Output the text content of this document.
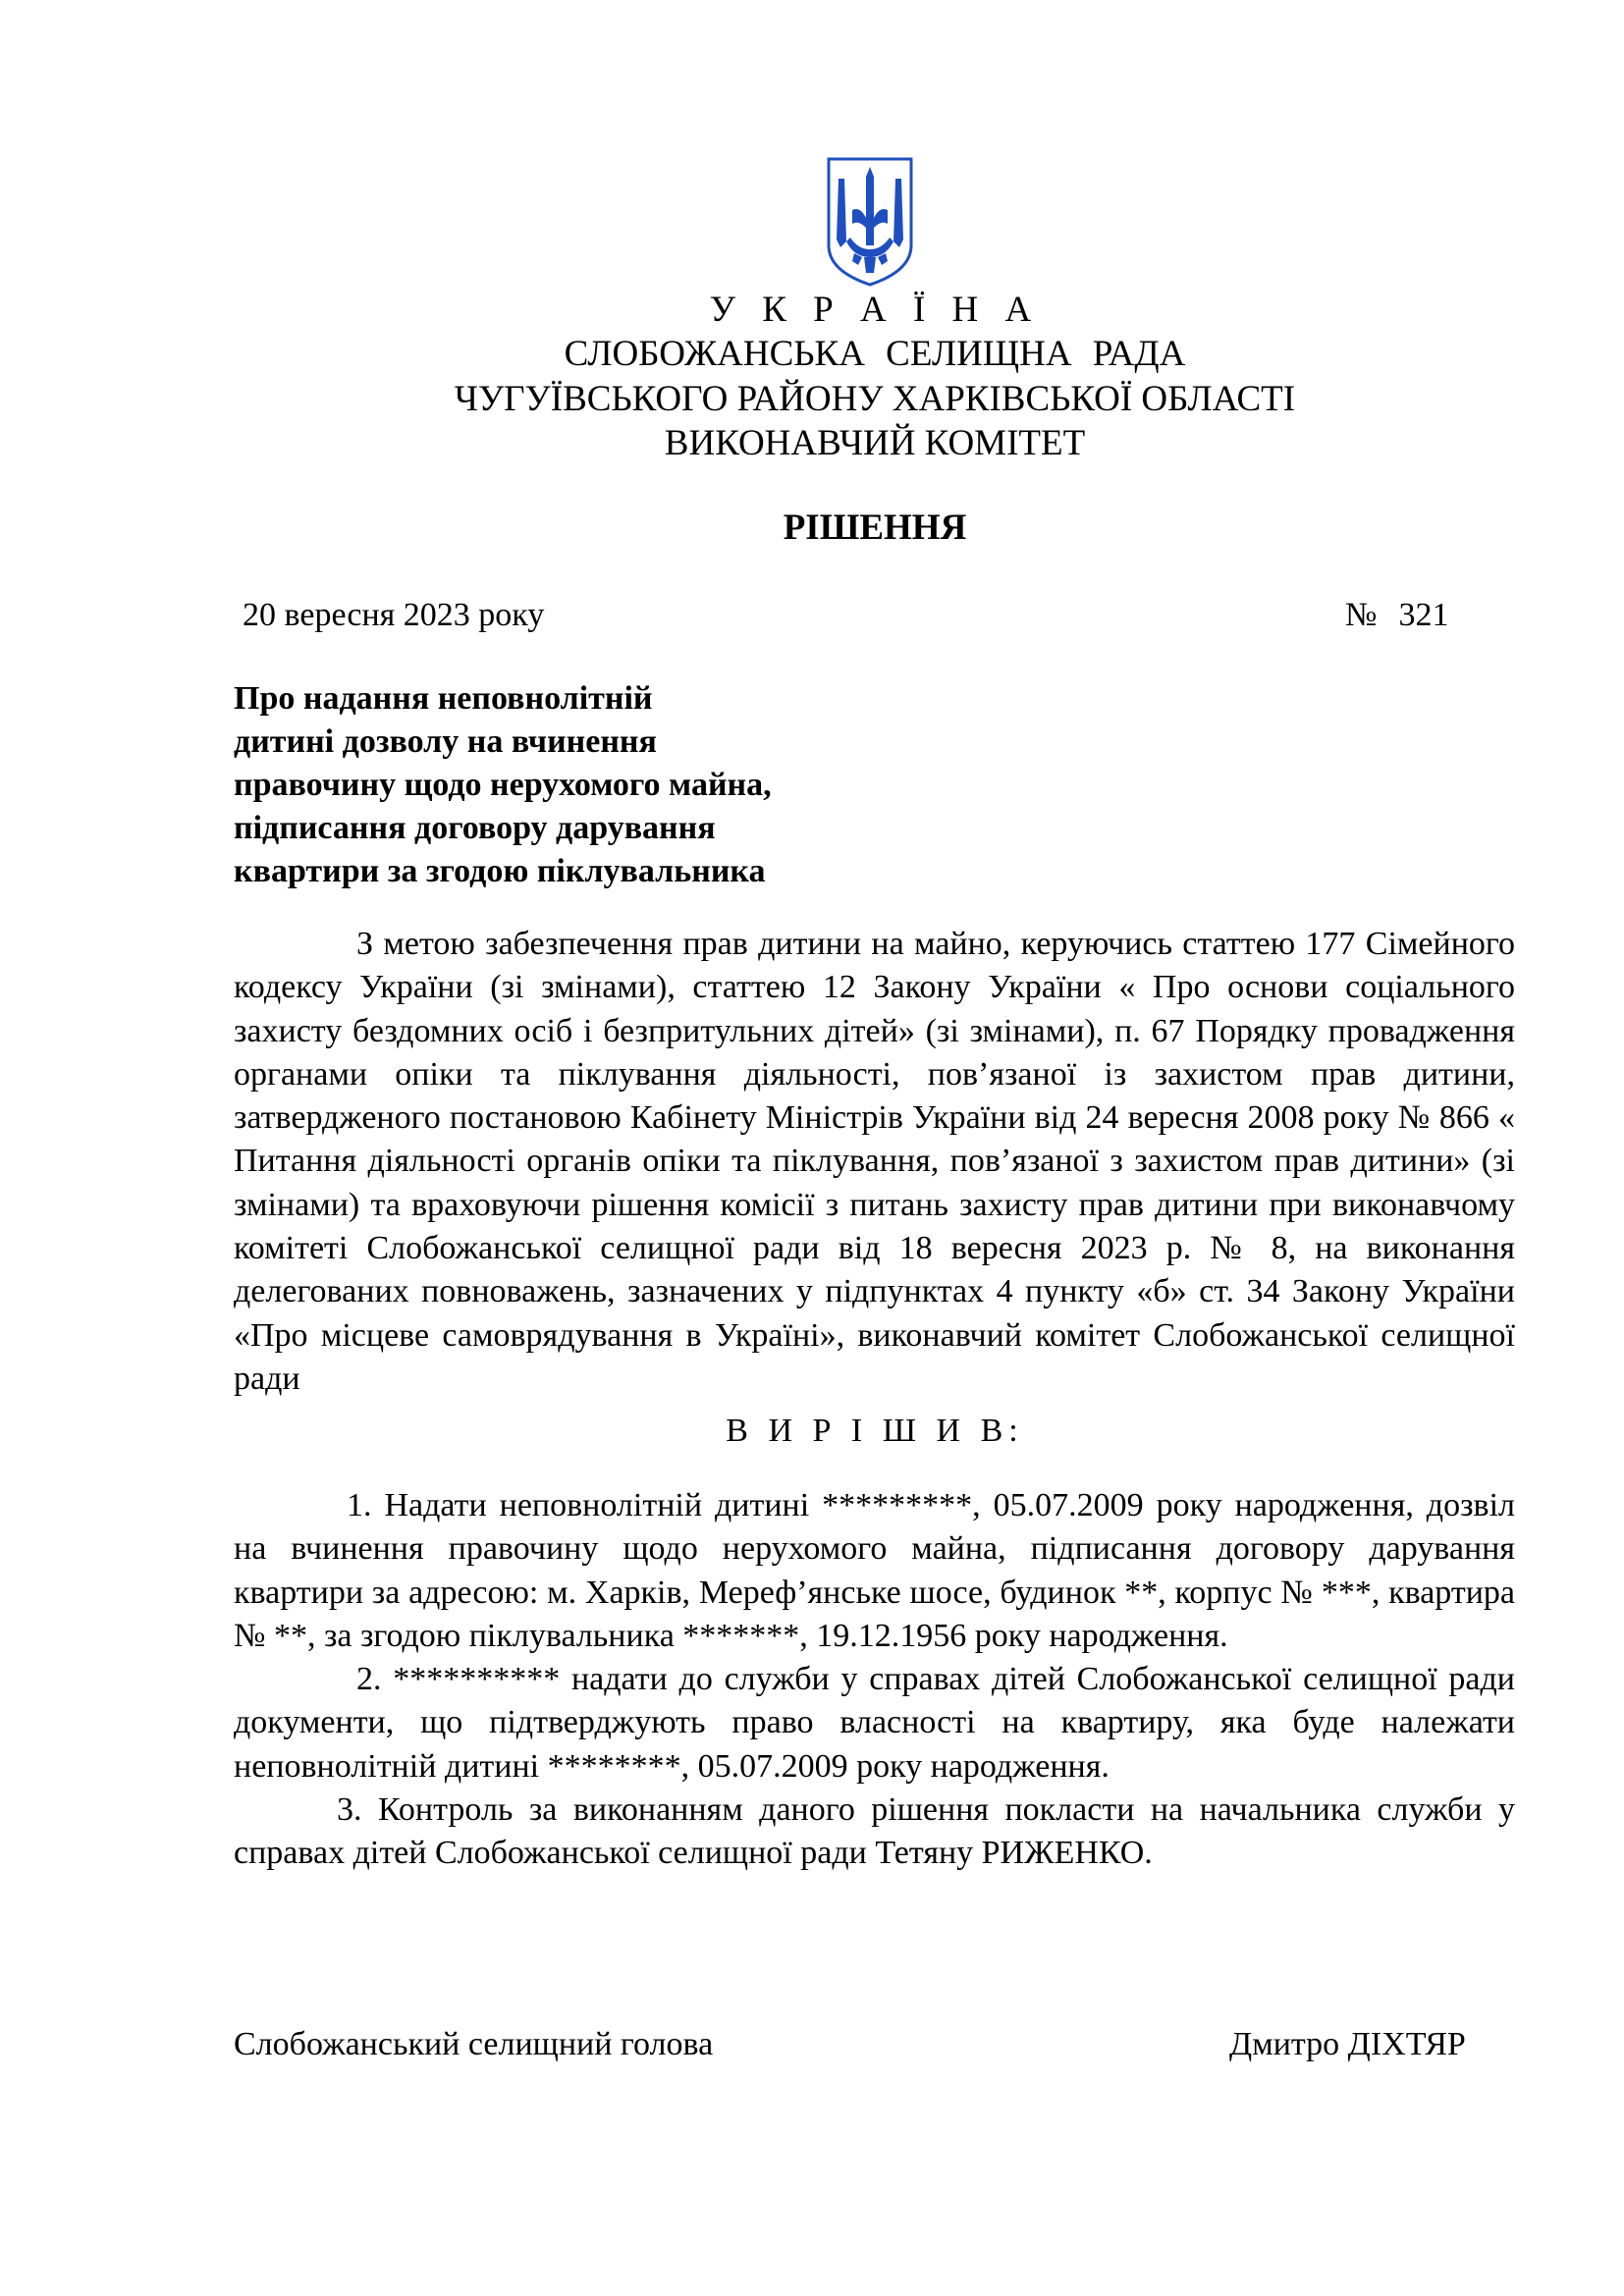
У К Р А Ї Н А
СЛОБОЖАНСЬКА СЕЛИЩНА РАДА
ЧУГУЇВСЬКОГО РАЙОНУ ХАРКІВСЬКОЇ ОБЛАСТІ
ВИКОНАВЧИЙ КОМІТЕТ
РІШЕННЯ
20 вересня 2023 року	№ 321
Про надання неповнолітній
дитині дозволу на вчинення
правочину щодо нерухомого майна,
підписання договору дарування
квартири за згодою піклувальника
З метою забезпечення прав дитини на майно, керуючись статтею 177 Сімейного кодексу України (зі змінами), статтею 12 Закону України « Про основи соціального захисту бездомних осіб і безпритульних дітей» (зі змінами), п. 67 Порядку провадження органами опіки та піклування діяльності, пов’язаної із захистом прав дитини, затвердженого постановою Кабінету Міністрів України від 24 вересня 2008 року № 866 « Питання діяльності органів опіки та піклування, пов’язаної з захистом прав дитини» (зі змінами) та враховуючи рішення комісії з питань захисту прав дитини при виконавчому комітеті Слобожанської селищної ради від 18 вересня 2023 р. № 8, на виконання делегованих повноважень, зазначених у підпунктах 4 пункту «б» ст. 34 Закону України «Про місцеве самоврядування в Україні», виконавчий комітет Слобожанської селищної ради
В И Р І Ш И В:

1. Надати неповнолітній дитині *********, 05.07.2009 року народження, дозвіл на вчинення правочину щодо нерухомого майна, підписання договору дарування квартири за адресою: м. Харків, Мереф’янське шосе, будинок **, корпус № ***, квартира № **, за згодою піклувальника *******, 19.12.1956 року народження.

2. ********** надати до служби у справах дітей Слобожанської селищної ради документи, що підтверджують право власності на квартиру, яка буде належати неповнолітній дитині ********, 05.07.2009 року народження.

3. Контроль за виконанням даного рішення покласти на начальника служби у справах дітей Слобожанської селищної ради Тетяну РИЖЕНКО.

Слобожанський селищний голова	Дмитро ДІХТЯР
